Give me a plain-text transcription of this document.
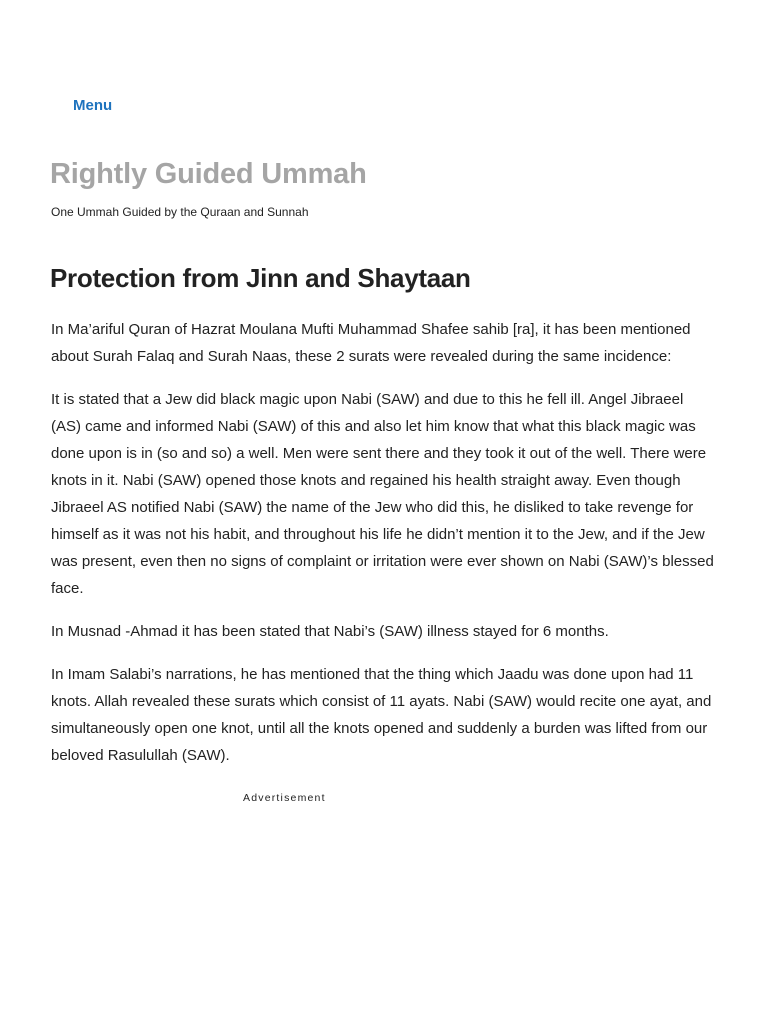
Menu
Rightly Guided Ummah

One Ummah Guided by the Quraan and Sunnah

Protection from Jinn and Shaytaan

In Ma’ariful Quran of Hazrat Moulana Mufti Muhammad Shafee sahib [ra], it has been mentioned about Surah Falaq and Surah Naas, these 2 surats were revealed during the same incidence:

It is stated that a Jew did black magic upon Nabi (SAW) and due to this he fell ill. Angel Jibraeel (AS) came and informed Nabi (SAW) of this and also let him know that what this black magic was done upon is in (so and so) a well. Men were sent there and they took it out of the well. There were knots in it. Nabi (SAW) opened those knots and regained his health straight away. Even though Jibraeel AS notified Nabi (SAW) the name of the Jew who did this, he disliked to take revenge for himself as it was not his habit, and throughout his life he didn’t mention it to the Jew, and if the Jew was present, even then no signs of complaint or irritation were ever shown on Nabi (SAW)’s blessed face.

In Musnad -Ahmad it has been stated that Nabi’s (SAW) illness stayed for 6 months.

In Imam Salabi’s narrations, he has mentioned that the thing which Jaadu was done upon had 11 knots. Allah revealed these surats which consist of 11 ayats. Nabi (SAW) would recite one ayat, and simultaneously open one knot, until all the knots opened and suddenly a burden was lifted from our beloved Rasulullah (SAW).

Advertisement
